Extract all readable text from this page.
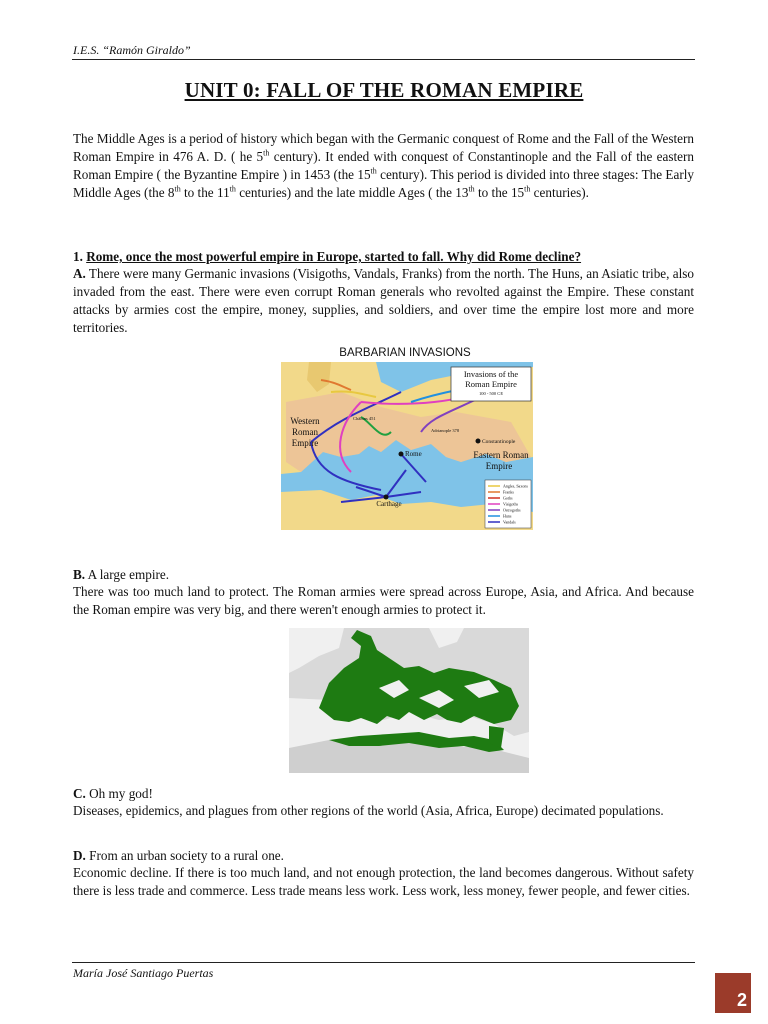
I.E.S. “Ramón Giraldo”
UNIT 0: FALL OF THE ROMAN EMPIRE
The Middle Ages is a period of history which began with the Germanic conquest of Rome and the Fall of the Western Roman Empire in 476 A. D. ( he 5th century). It ended with conquest of Constantinople and the Fall of the eastern Roman Empire ( the Byzantine Empire ) in 1453 (the 15th century). This period is divided into three stages: The Early Middle Ages (the 8th to the 11th centuries) and the late middle Ages ( the 13th to the 15th centuries).
1. Rome, once the most powerful empire in Europe, started to fall. Why did Rome decline?
A. There were many Germanic invasions (Visigoths, Vandals, Franks) from the north. The Huns, an Asiatic tribe, also invaded from the east. There were even corrupt Roman generals who revolted against the Empire. These constant attacks by armies cost the empire, money, supplies, and soldiers, and over time the empire lost more and more territories.
BARBARIAN INVASIONS
Invasions of the
Roman Empire
100 - 500 CE
Western
Roman
Empire
Eastern Roman
Empire
Rome
Carthage
Constantinople
Adrianople 378
Châlons 451
Angles, Saxons
Franks
Goths
Visigoths
Ostrogoths
Huns
Vandals
B. A large empire.
There was too much land to protect. The Roman armies were spread across Europe, Asia, and Africa. And because the Roman empire was very big, and there weren't enough armies to protect it.
C. Oh my god!
Diseases, epidemics, and plagues from other regions of the world (Asia, Africa, Europe) decimated populations.
D. From an urban society to a rural one.
Economic decline. If there is too much land, and not enough protection, the land becomes dangerous. Without safety there is less trade and commerce. Less trade means less work. Less work, less money, fewer people, and fewer cities.
María José Santiago Puertas
2
